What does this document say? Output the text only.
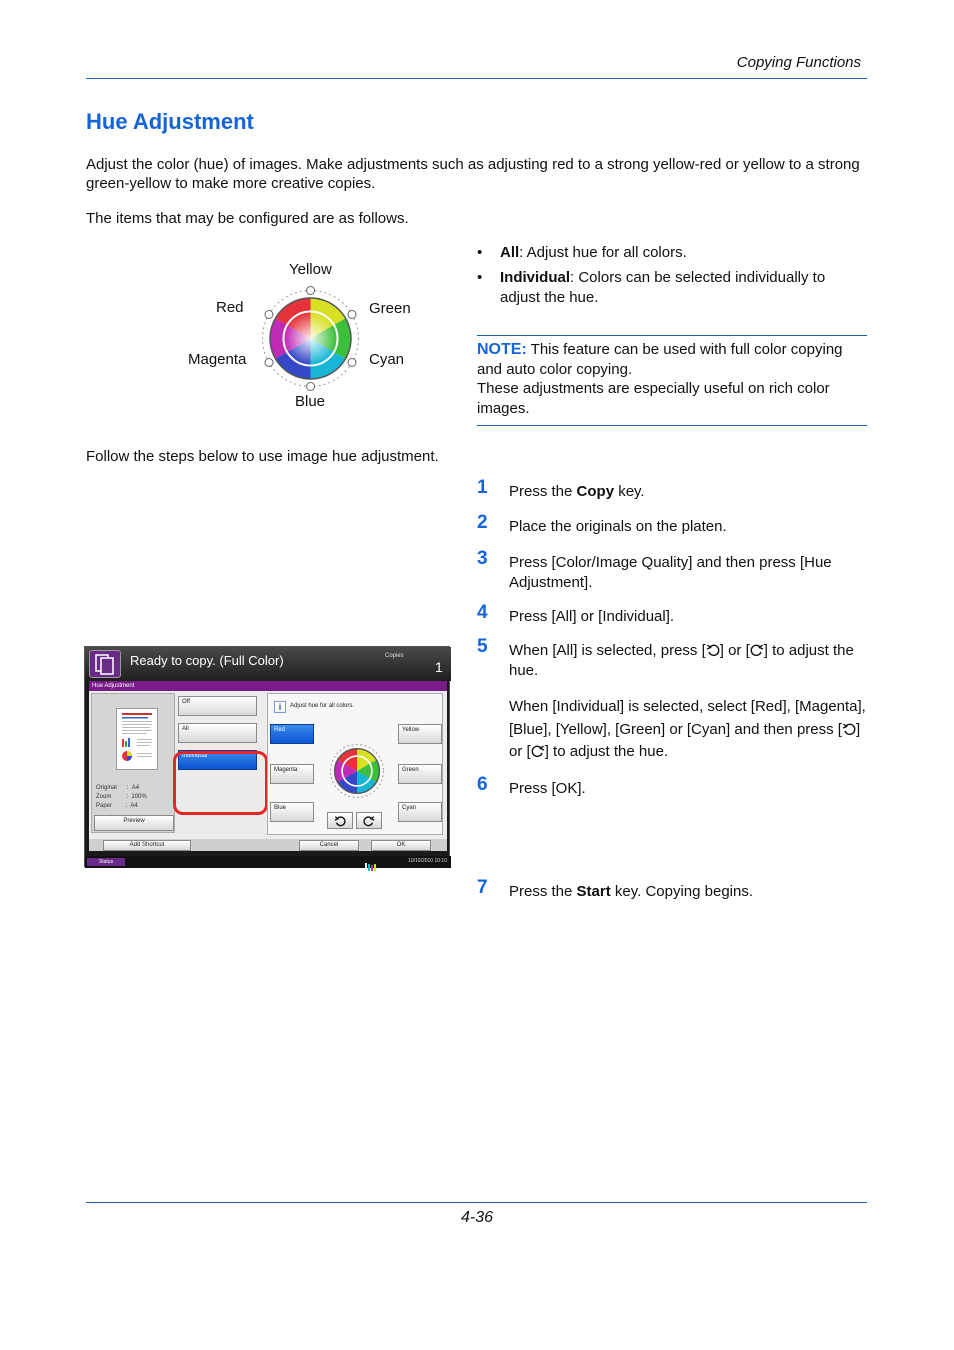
Copying Functions
Hue Adjustment

Adjust the color (hue) of images. Make adjustments such as adjusting red to a strong yellow-red or yellow to a strong green-yellow to make more creative copies.

The items that may be configured are as follows.

Yellow
Red	Green
Magenta	Cyan
Blue
• All: Adjust hue for all colors.
• Individual: Colors can be selected individually to adjust the hue.
NOTE: This feature can be used with full color copying and auto color copying.
These adjustments are especially useful on rich color images.

Follow the steps below to use image hue adjustment.

1 Press the Copy key.
2 Place the originals on the platen.
3 Press [Color/Image Quality] and then press [Hue Adjustment].
4 Press [All] or [Individual].
5 When [All] is selected, press [ ] or [ ] to adjust the hue.
When [Individual] is selected, select [Red], [Magenta], [Blue], [Yellow], [Green] or [Cyan] and then press [ ] or [ ] to adjust the hue.
6 Press [OK].
7 Press the Start key. Copying begins.
Ready to copy. (Full Color)	Copies
1
Hue Adjustment
Original      :  A4
Zoom         :  100%
Paper        :  A4
Preview
Off
All
Individual
i	Adjust hue for all colors.
Red	Yellow
Magenta	Green
Blue	Cyan
Add Shortcut	Cancel	OK
Status	10/10/2010 10:10
4-36
